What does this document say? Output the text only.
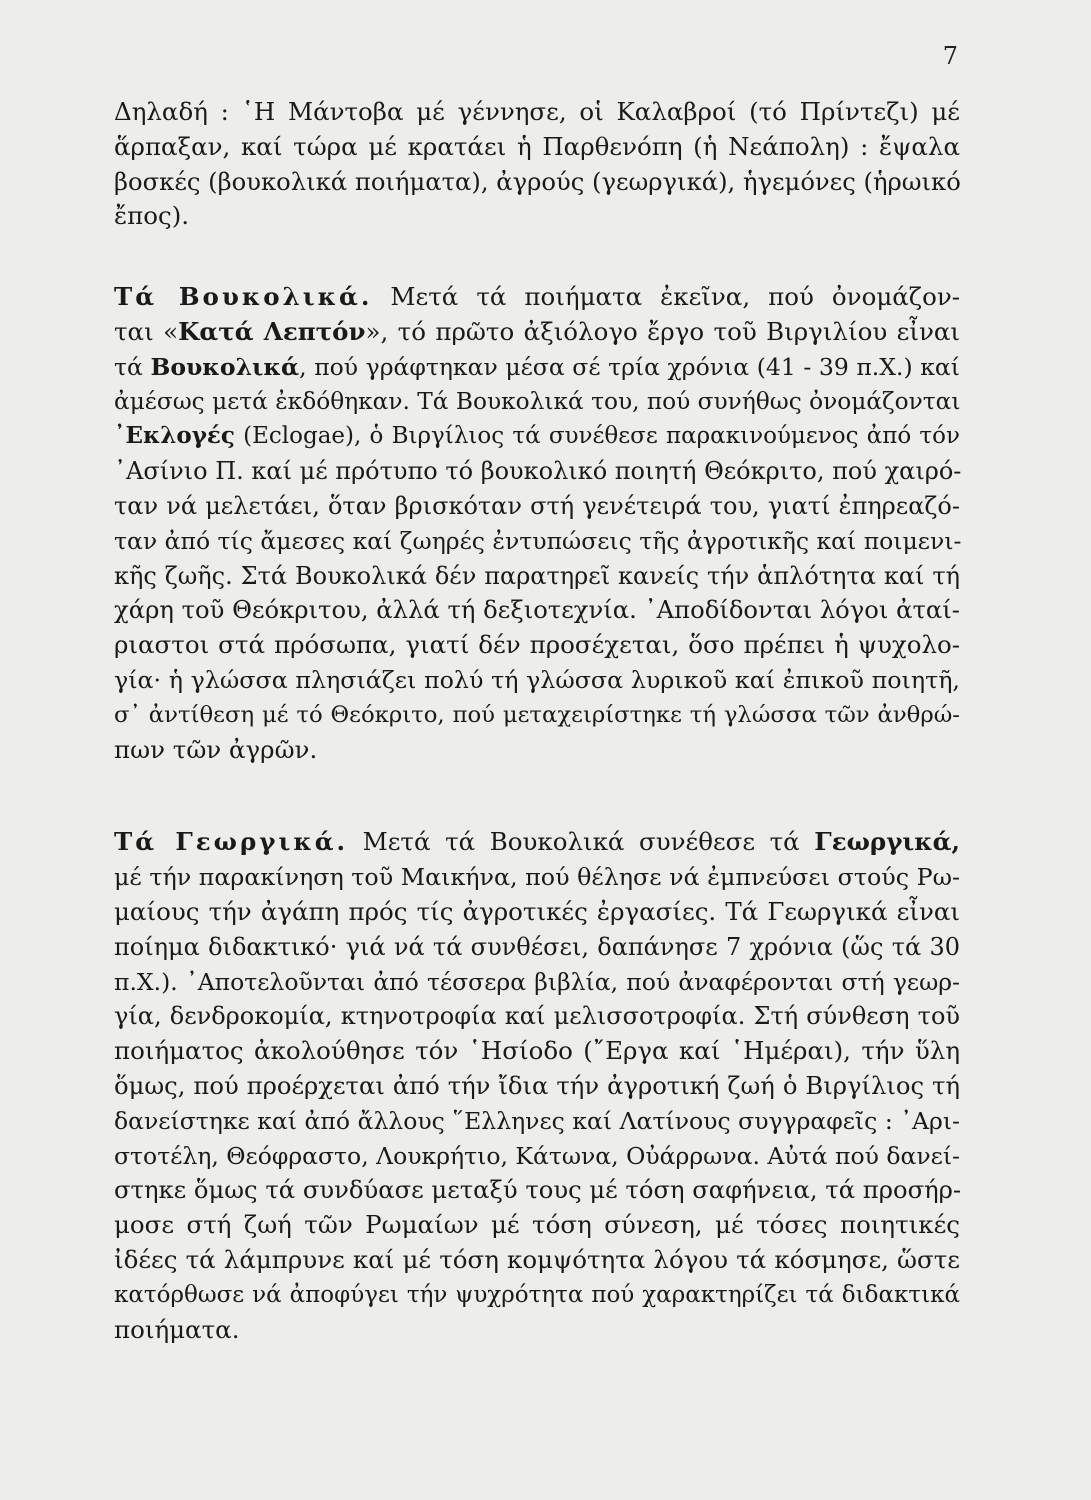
7
Δηλαδή : ῾Η Μάντοβα μέ γέννησε, οἱ Καλαβροί (τό Πρίντεζι) μέ
ἅρπαξαν, καί τώρα μέ κρατάει ἡ Παρθενόπη (ἡ Νεάπολη) : ἔψαλα
βοσκές (βουκολικά ποιήματα), ἀγρούς (γεωργικά), ἡγεμόνες (ἡρωικό
ἔπος).
Τά Βουκολικά. Μετά τά ποιήματα ἐκεῖνα, πού ὀνομάζον-
ται «Κατά Λεπτόν», τό πρῶτο ἀξιόλογο ἔργο τοῦ Βιργιλίου εἶναι
τά Βουκολικά, πού γράφτηκαν μέσα σέ τρία χρόνια (41 - 39 π.Χ.) καί
ἀμέσως μετά ἐκδόθηκαν. Τά Βουκολικά του, πού συνήθως ὀνομάζονται
᾽Εκλογές (Eclogae), ὁ Βιργίλιος τά συνέθεσε παρακινούμενος ἀπό τόν
᾽Ασίνιο Π. καί μέ πρότυπο τό βουκολικό ποιητή Θεόκριτο, πού χαιρό-
ταν νά μελετάει, ὅταν βρισκόταν στή γενέτειρά του, γιατί ἐπηρεαζό-
ταν ἀπό τίς ἄμεσες καί ζωηρές ἐντυπώσεις τῆς ἀγροτικῆς καί ποιμενι-
κῆς ζωῆς. Στά Βουκολικά δέν παρατηρεῖ κανείς τήν ἁπλότητα καί τή
χάρη τοῦ Θεόκριτου, ἀλλά τή δεξιοτεχνία. ᾽Αποδίδονται λόγοι ἀταί-
ριαστοι στά πρόσωπα, γιατί δέν προσέχεται, ὅσο πρέπει ἡ ψυχολο-
γία· ἡ γλώσσα πλησιάζει πολύ τή γλώσσα λυρικοῦ καί ἐπικοῦ ποιητῆ,
σ᾽ ἀντίθεση μέ τό Θεόκριτο, πού μεταχειρίστηκε τή γλώσσα τῶν ἀνθρώ-
πων τῶν ἀγρῶν.
Τά Γεωργικά. Μετά τά Βουκολικά συνέθεσε τά Γεωργικά,
μέ τήν παρακίνηση τοῦ Μαικήνα, πού θέλησε νά ἐμπνεύσει στούς Ρω-
μαίους τήν ἀγάπη πρός τίς ἀγροτικές ἐργασίες. Τά Γεωργικά εἶναι
ποίημα διδακτικό· γιά νά τά συνθέσει, δαπάνησε 7 χρόνια (ὥς τά 30
π.Χ.). ᾽Αποτελοῦνται ἀπό τέσσερα βιβλία, πού ἀναφέρονται στή γεωρ-
γία, δενδροκομία, κτηνοτροφία καί μελισσοτροφία. Στή σύνθεση τοῦ
ποιήματος ἀκολούθησε τόν ῾Ησίοδο (῎Εργα καί ῾Ημέραι), τήν ὕλη
ὅμως, πού προέρχεται ἀπό τήν ἴδια τήν ἀγροτική ζωή ὁ Βιργίλιος τή
δανείστηκε καί ἀπό ἄλλους ῞Ελληνες καί Λατίνους συγγραφεῖς : ᾽Αρι-
στοτέλη, Θεόφραστο, Λουκρήτιο, Κάτωνα, Οὐάρρωνα. Αὐτά πού δανεί-
στηκε ὅμως τά συνδύασε μεταξύ τους μέ τόση σαφήνεια, τά προσήρ-
μοσε στή ζωή τῶν Ρωμαίων μέ τόση σύνεση, μέ τόσες ποιητικές
ἰδέες τά λάμπρυνε καί μέ τόση κομψότητα λόγου τά κόσμησε, ὥστε
κατόρθωσε νά ἀποφύγει τήν ψυχρότητα πού χαρακτηρίζει τά διδακτικά
ποιήματα.
